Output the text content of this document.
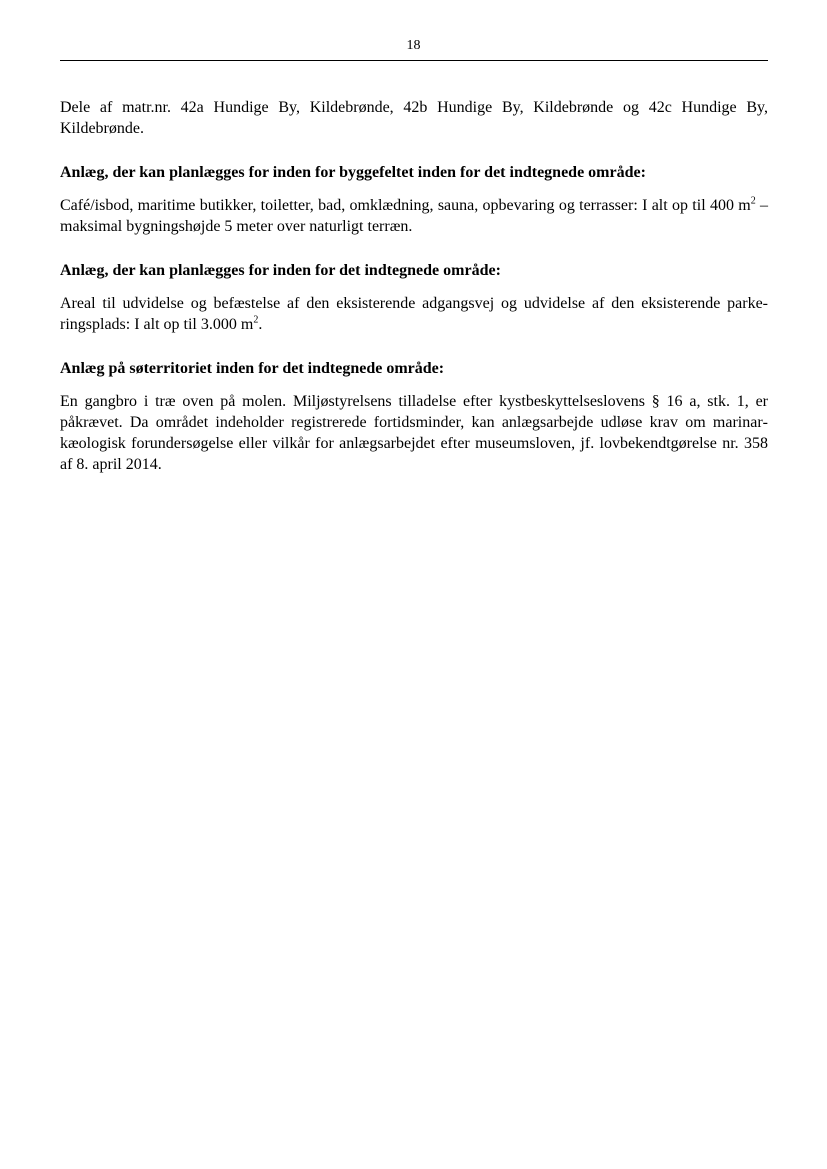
18

Dele af matr.nr. 42a Hundige By, Kildebrønde, 42b Hundige By, Kildebrønde og 42c Hundige By, Kildebrønde.

Anlæg, der kan planlægges for inden for byggefeltet inden for det indtegnede område:

Café/isbod, maritime butikker, toiletter, bad, omklædning, sauna, opbevaring og terrasser: I alt op til 400 $m^2$ – maksimal bygningshøjde 5 meter over naturligt terræn.

Anlæg, der kan planlægges for inden for det indtegnede område:

Areal til udvidelse og befæstelse af den eksisterende adgangsvej og udvidelse af den eksisterende parkeringsplads: I alt op til 3.000 $m^2$.

Anlæg på søterritoriet inden for det indtegnede område:

En gangbro i træ oven på molen. Miljøstyrelsens tilladelse efter kystbeskyttelseslovens § 16 a, stk. 1, er påkrævet. Da området indeholder registrerede fortidsminder, kan anlægsarbejde udløse krav om marinarkæologisk forundersøgelse eller vilkår for anlægsarbejdet efter museumsloven, jf. lovbekendtgørelse nr. 358 af 8. april 2014.
